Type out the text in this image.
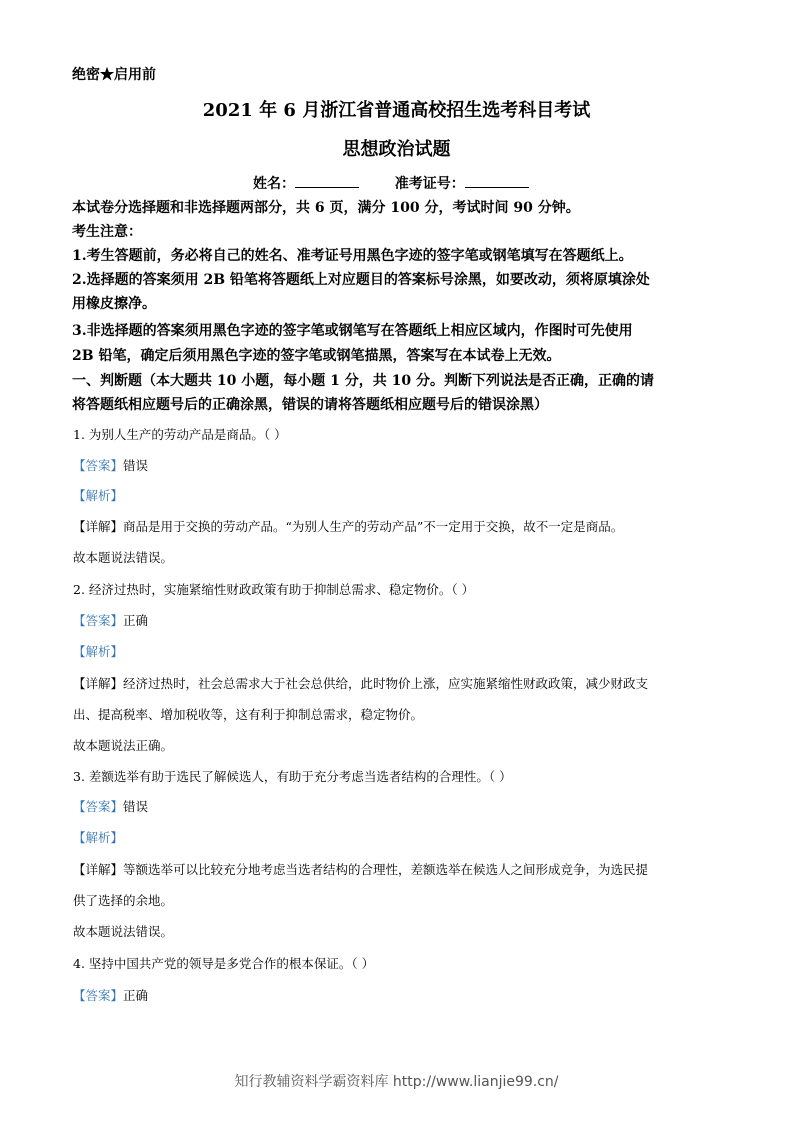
绝密★启用前
2021 年 6 月浙江省普通高校招生选考科目考试
思想政治试题
姓名：	准考证号：
本试卷分选择题和非选择题两部分，共 6 页，满分 100 分，考试时间 90 分钟。
考生注意：
1.考生答题前，务必将自己的姓名、准考证号用黑色字迹的签字笔或钢笔填写在答题纸上。
2.选择题的答案须用 2B 铅笔将答题纸上对应题目的答案标号涂黑，如要改动，须将原填涂处
用橡皮擦净。
3.非选择题的答案须用黑色字迹的签字笔或钢笔写在答题纸上相应区域内，作图时可先使用
2B 铅笔，确定后须用黑色字迹的签字笔或钢笔描黑，答案写在本试卷上无效。
一、判断题（本大题共 10 小题，每小题 1 分，共 10 分。判断下列说法是否正确，正确的请
将答题纸相应题号后的正确涂黑，错误的请将答题纸相应题号后的错误涂黑）
1. 为别人生产的劳动产品是商品。（ ）
【答案】错误
【解析】
【详解】商品是用于交换的劳动产品。“为别人生产的劳动产品”不一定用于交换，故不一定是商品。
故本题说法错误。
2. 经济过热时，实施紧缩性财政政策有助于抑制总需求、稳定物价。（ ）
【答案】正确
【解析】
【详解】经济过热时，社会总需求大于社会总供给，此时物价上涨，应实施紧缩性财政政策，减少财政支
出、提高税率、增加税收等，这有利于抑制总需求，稳定物价。
故本题说法正确。
3. 差额选举有助于选民了解候选人，有助于充分考虑当选者结构的合理性。（ ）
【答案】错误
【解析】
【详解】等额选举可以比较充分地考虑当选者结构的合理性，差额选举在候选人之间形成竞争，为选民提
供了选择的余地。
故本题说法错误。
4. 坚持中国共产党的领导是多党合作的根本保证。（ ）
【答案】正确
知行教辅资料学霸资料库 http://www.lianjie99.cn/
